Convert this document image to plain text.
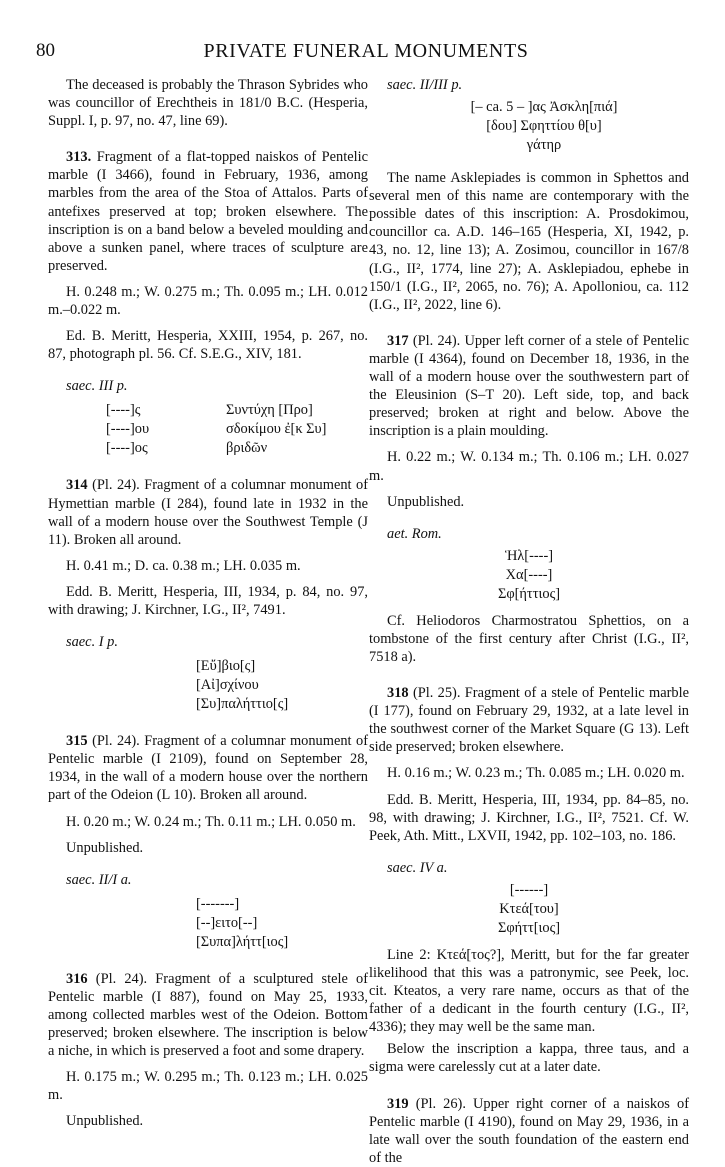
80	PRIVATE FUNERAL MONUMENTS

The deceased is probably the Thrason Sybrides who was councillor of Erechtheis in 181/0 B.C. (Hesperia, Suppl. I, p. 97, no. 47, line 69).

313. Fragment of a flat-topped naiskos of Pentelic marble (I 3466), found in February, 1936, among marbles from the area of the Stoa of Attalos. Parts of antefixes preserved at top; broken elsewhere. The inscription is on a band below a beveled moulding and above a sunken panel, where traces of sculpture are preserved.

H. 0.248 m.; W. 0.275 m.; Th. 0.095 m.; LH. 0.012 m.–0.022 m.

Ed. B. Meritt, Hesperia, XXIII, 1954, p. 267, no. 87, photograph pl. 56. Cf. S.E.G., XIV, 181.

saec. III p.
[----]ς	Συντύχη [Προ]
[----]ου	σδοκίμου ἐ[κ Συ]
[----]ος	βριδῶν

314 (Pl. 24). Fragment of a columnar monument of Hymettian marble (I 284), found late in 1932 in the wall of a modern house over the Southwest Temple (J 11). Broken all around.

H. 0.41 m.; D. ca. 0.38 m.; LH. 0.035 m.

Edd. B. Meritt, Hesperia, III, 1934, p. 84, no. 97, with drawing; J. Kirchner, I.G., II², 7491.

saec. I p.
[Εὔ]βιο[ς]
[Αἰ]σχίνου
[Συ]παλήττιο[ς]

315 (Pl. 24). Fragment of a columnar monument of Pentelic marble (I 2109), found on September 28, 1934, in the wall of a modern house over the northern part of the Odeion (L 10). Broken all around.

H. 0.20 m.; W. 0.24 m.; Th. 0.11 m.; LH. 0.050 m.

Unpublished.

saec. II/I a.
[-------]
[--]ειτο[--]
[Συπα]λήττ[ιος]

316 (Pl. 24). Fragment of a sculptured stele of Pentelic marble (I 887), found on May 25, 1933, among collected marbles west of the Odeion. Bottom preserved; broken elsewhere. The inscription is below a niche, in which is preserved a foot and some drapery.

H. 0.175 m.; W. 0.295 m.; Th. 0.123 m.; LH. 0.025 m.

Unpublished.

saec. II/III p.
[– ca. 5 – ]ας Ἀσκλη[πιά]
[δου] Σφηττίου θ[υ]
γάτηρ

The name Asklepiades is common in Sphettos and several men of this name are contemporary with the possible dates of this inscription: A. Prosdokimou, councillor ca. A.D. 146–165 (Hesperia, XI, 1942, p. 43, no. 12, line 13); A. Zosimou, councillor in 167/8 (I.G., II², 1774, line 27); A. Asklepiadou, ephebe in 150/1 (I.G., II², 2065, no. 76); A. Apolloniou, ca. 112 (I.G., II², 2022, line 6).

317 (Pl. 24). Upper left corner of a stele of Pentelic marble (I 4364), found on December 18, 1936, in the wall of a modern house over the southwestern part of the Eleusinion (S–T 20). Left side, top, and back preserved; broken at right and below. Above the inscription is a plain moulding.

H. 0.22 m.; W. 0.134 m.; Th. 0.106 m.; LH. 0.027 m.

Unpublished.

aet. Rom.
Ἡλ[----]
Χα[----]
Σφ[ήττιος]

Cf. Heliodoros Charmostratou Sphettios, on a tombstone of the first century after Christ (I.G., II², 7518 a).

318 (Pl. 25). Fragment of a stele of Pentelic marble (I 177), found on February 29, 1932, at a late level in the southwest corner of the Market Square (G 13). Left side preserved; broken elsewhere.

H. 0.16 m.; W. 0.23 m.; Th. 0.085 m.; LH. 0.020 m.

Edd. B. Meritt, Hesperia, III, 1934, pp. 84–85, no. 98, with drawing; J. Kirchner, I.G., II², 7521. Cf. W. Peek, Ath. Mitt., LXVII, 1942, pp. 102–103, no. 186.

saec. IV a.
[------]
Κτεά[του]
Σφήττ[ιος]

Line 2: Κτεά[τος?], Meritt, but for the far greater likelihood that this was a patronymic, see Peek, loc. cit. Kteatos, a very rare name, occurs as that of the father of a dedicant in the fourth century (I.G., II², 4336); they may well be the same man.

Below the inscription a kappa, three taus, and a sigma were carelessly cut at a later date.

319 (Pl. 26). Upper right corner of a naiskos of Pentelic marble (I 4190), found on May 29, 1936, in a late wall over the south foundation of the eastern end of the
